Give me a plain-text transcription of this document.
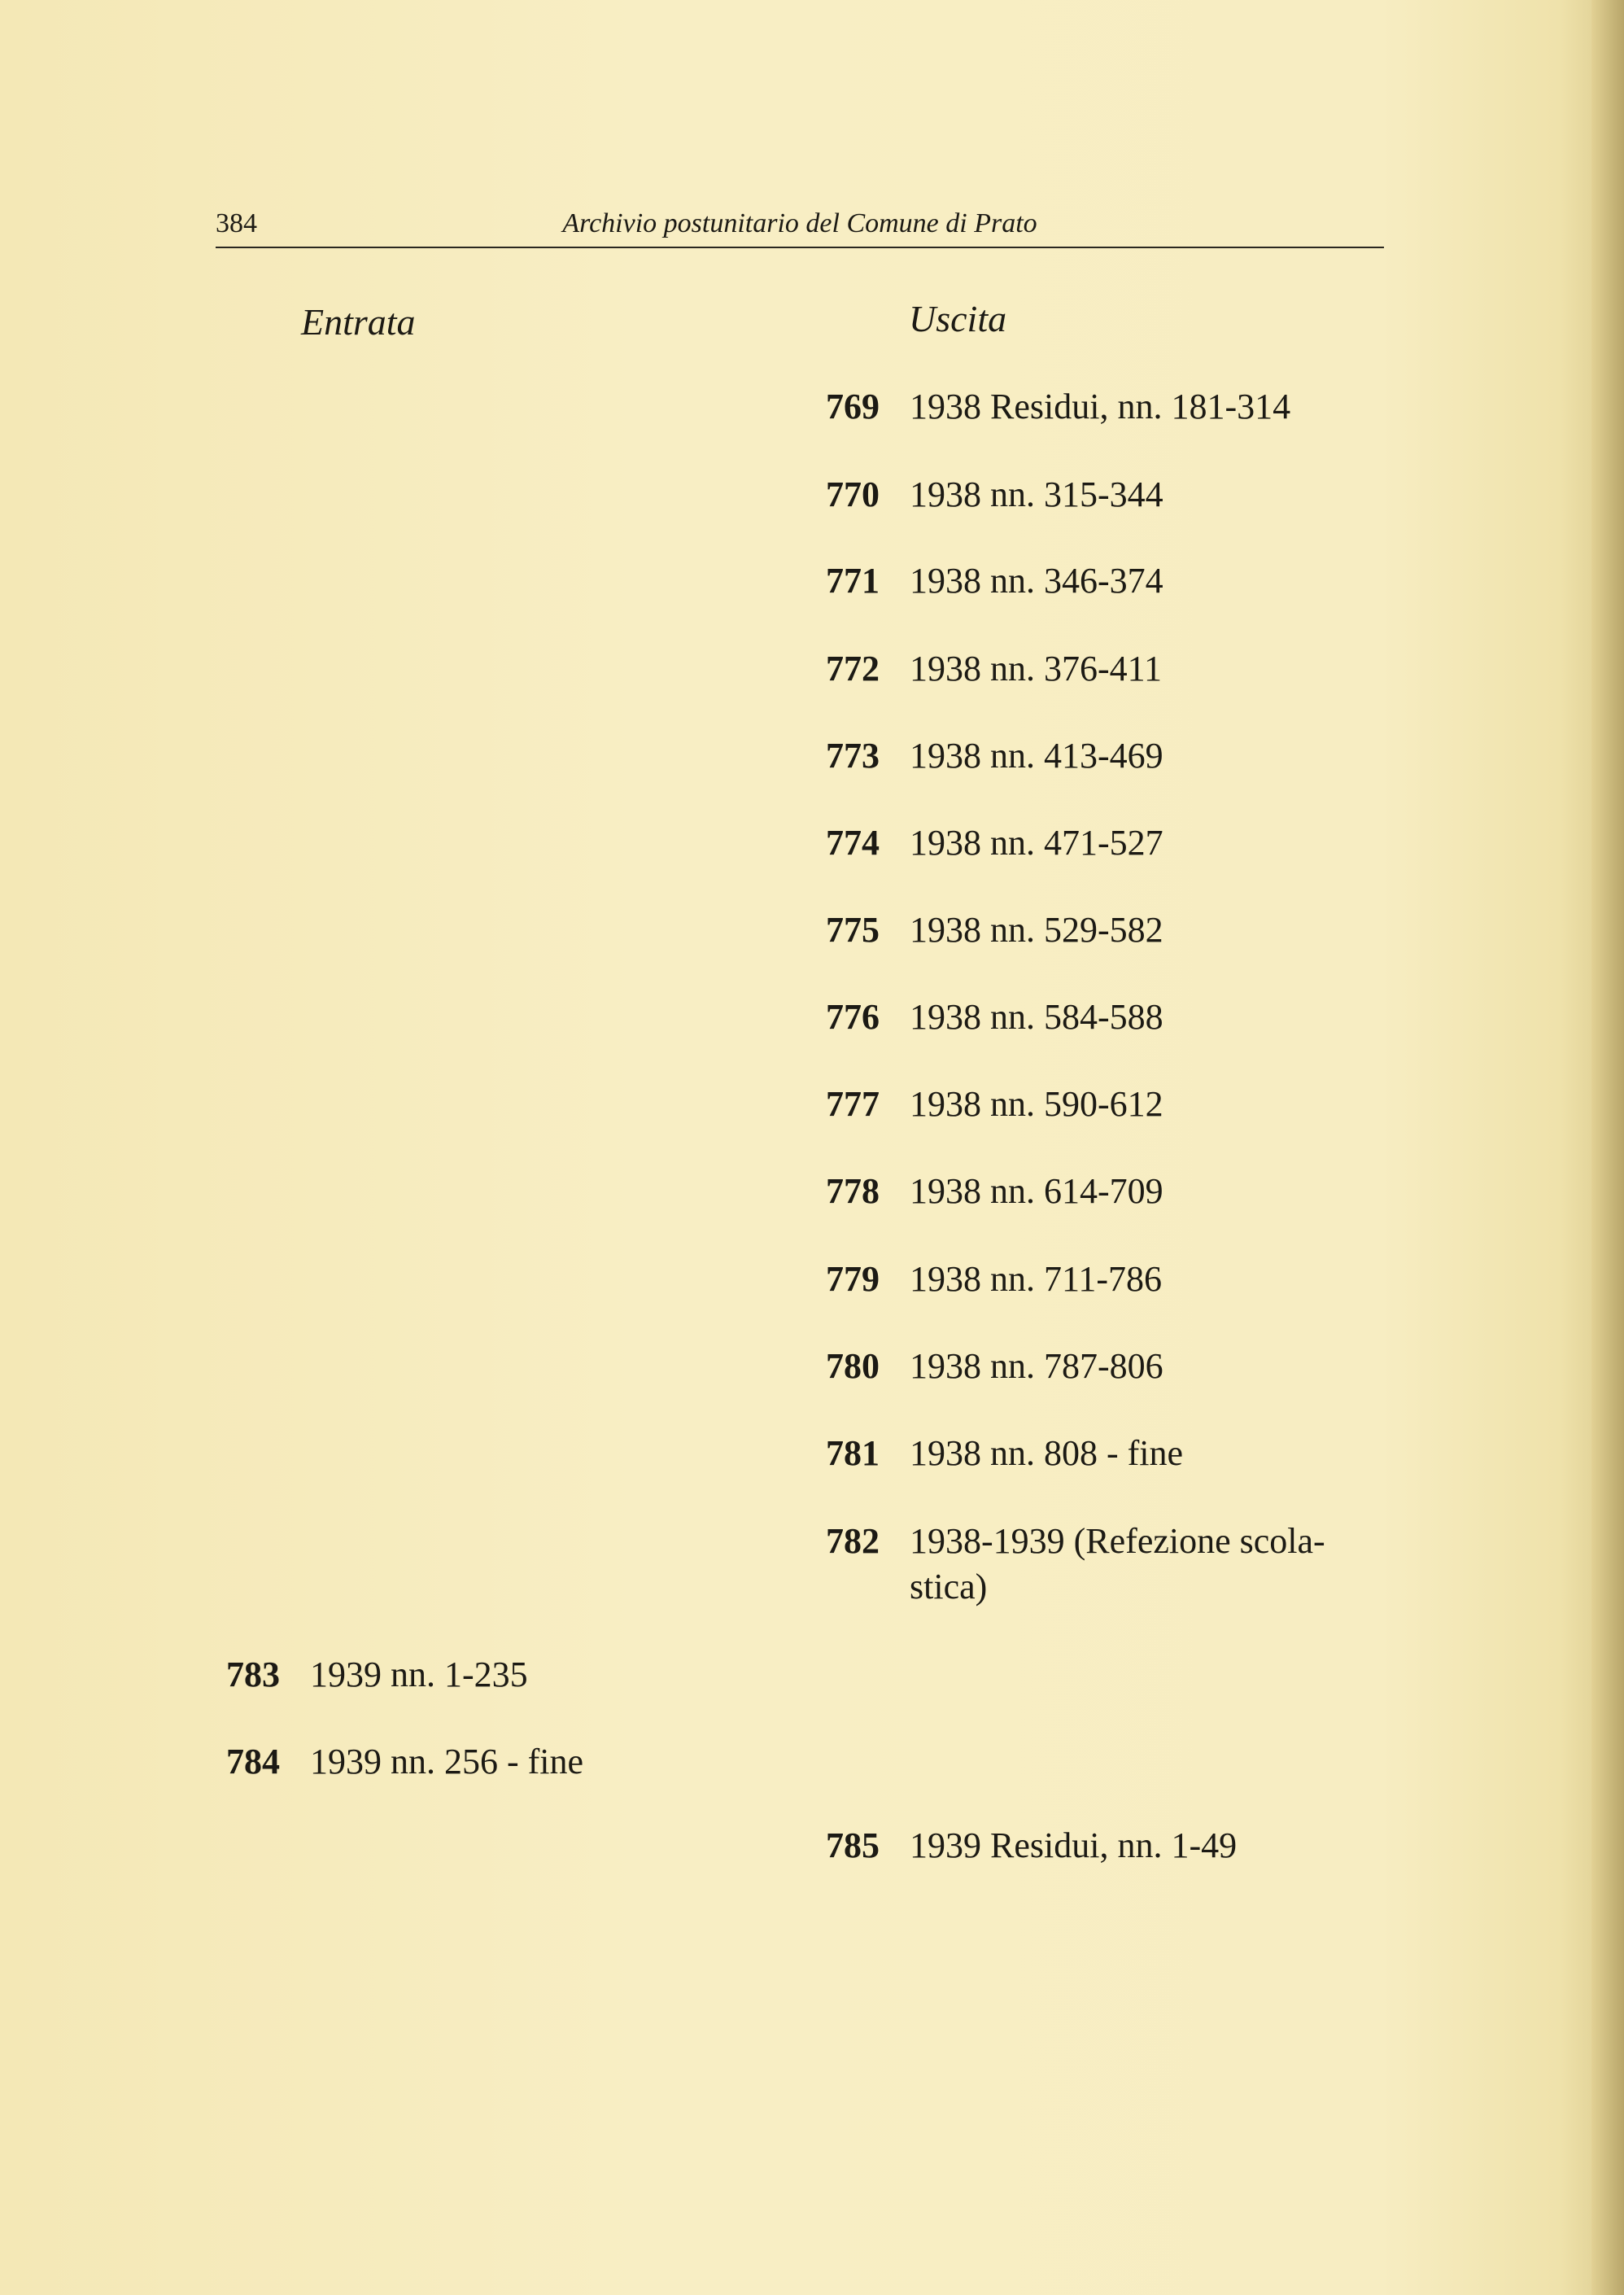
384	Archivio postunitario del Comune di Prato
Entrata	Uscita
769 1938 Residui, nn. 181-314
770 1938 nn. 315-344
771 1938 nn. 346-374
772 1938 nn. 376-411
773 1938 nn. 413-469
774 1938 nn. 471-527
775 1938 nn. 529-582
776 1938 nn. 584-588
777 1938 nn. 590-612
778 1938 nn. 614-709
779 1938 nn. 711-786
780 1938 nn. 787-806
781 1938 nn. 808 - fine
782 1938-1939 (Refezione scola-
stica)
785 1939 Residui, nn. 1-49
783 1939 nn. 1-235
784 1939 nn. 256 - fine
